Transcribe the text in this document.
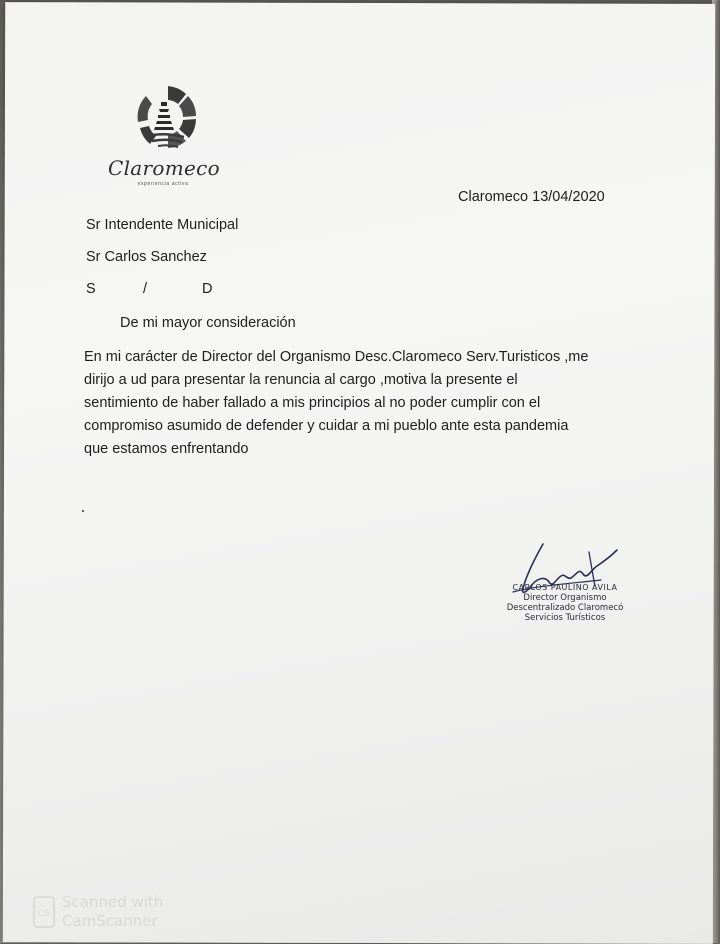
Claromeco
experiencia activa
Claromeco 13/04/2020
Sr Intendente Municipal
Sr Carlos Sanchez
S	/	D
De mi mayor consideración
En mi carácter de Director del Organismo Desc.Claromeco Serv.Turisticos ,me
dirijo a ud para presentar la renuncia al cargo ,motiva la presente el
sentimiento de haber fallado a mis principios al no poder cumplir con el
compromiso asumido de defender y cuidar a mi pueblo ante esta pandemia
que estamos enfrentando
CARLOS PAULINO AVILA
Director Organismo
Descentralizado Claromecó
Servicios Turísticos
CS
Scanned with
CamScanner
